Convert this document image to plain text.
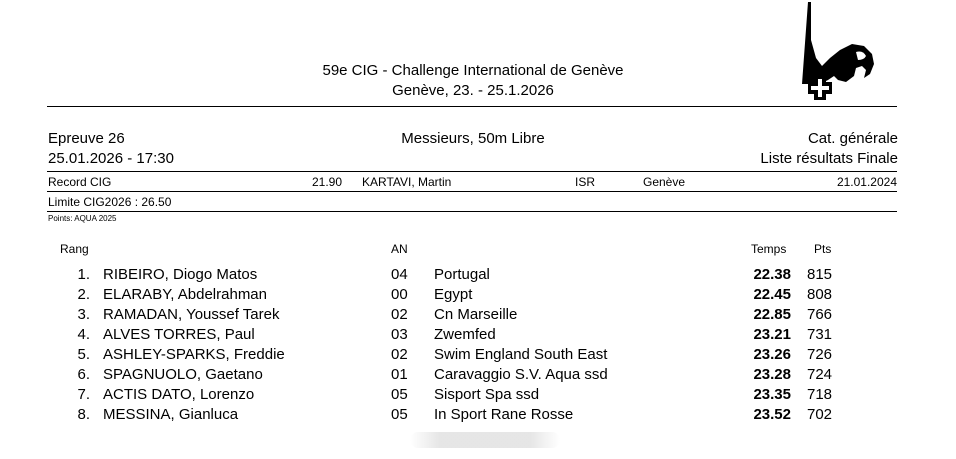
59e CIG - Challenge International de Genève
Genève, 23. - 25.1.2026
Epreuve 26
25.01.2026 - 17:30
Messieurs, 50m Libre	Cat. générale
Liste résultats Finale
Record CIG	21.90 KARTAVI, Martin	ISR	Genève	21.01.2024
Limite CIG2026 : 26.50
Points: AQUA 2025
Rang	AN	Temps Pts
1. RIBEIRO, Diogo Matos	04 Portugal	22.38 815
2. ELARABY, Abdelrahman	00 Egypt	22.45 808
3. RAMADAN, Youssef Tarek	02 Cn Marseille	22.85 766
4. ALVES TORRES, Paul	03 Zwemfed	23.21 731
5. ASHLEY-SPARKS, Freddie	02 Swim England South East	23.26 726
6. SPAGNUOLO, Gaetano	01 Caravaggio S.V. Aqua ssd	23.28 724
7. ACTIS DATO, Lorenzo	05 Sisport Spa ssd	23.35 718
8. MESSINA, Gianluca	05 In Sport Rane Rosse	23.52 702
